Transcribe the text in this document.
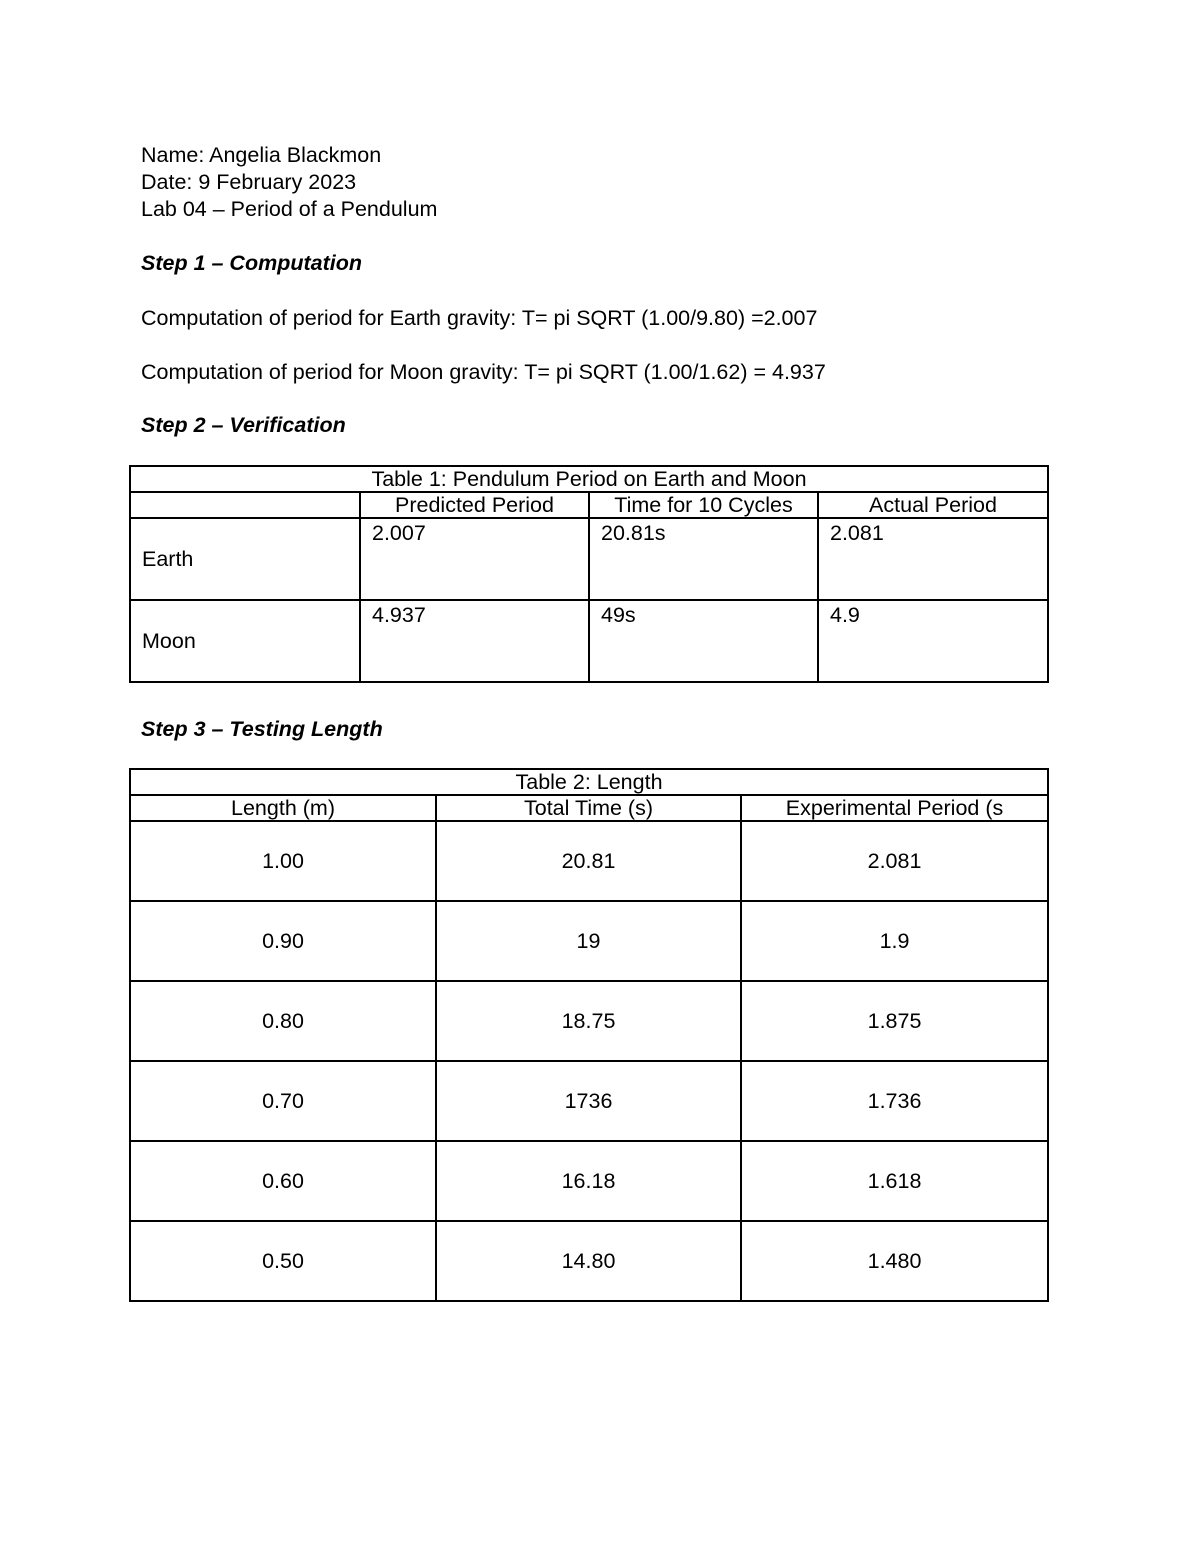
Name: Angelia Blackmon
Date: 9 February 2023
Lab 04 – Period of a Pendulum
Step 1 – Computation
Computation of period for Earth gravity: T= pi SQRT (1.00/9.80) =2.007
Computation of period for Moon gravity: T= pi SQRT (1.00/1.62) = 4.937
Step 2 – Verification
Table 1: Pendulum Period on Earth and Moon			
	Predicted Period	Time for 10 Cycles	Actual Period
Earth	2.007	20.81s	2.081
Moon	4.937	49s	4.9
Step 3 – Testing Length
Table 2: Length		
Length (m)	Total Time (s)	Experimental Period (s
1.00	20.81	2.081
0.90	19	1.9
0.80	18.75	1.875
0.70	1736	1.736
0.60	16.18	1.618
0.50	14.80	1.480
